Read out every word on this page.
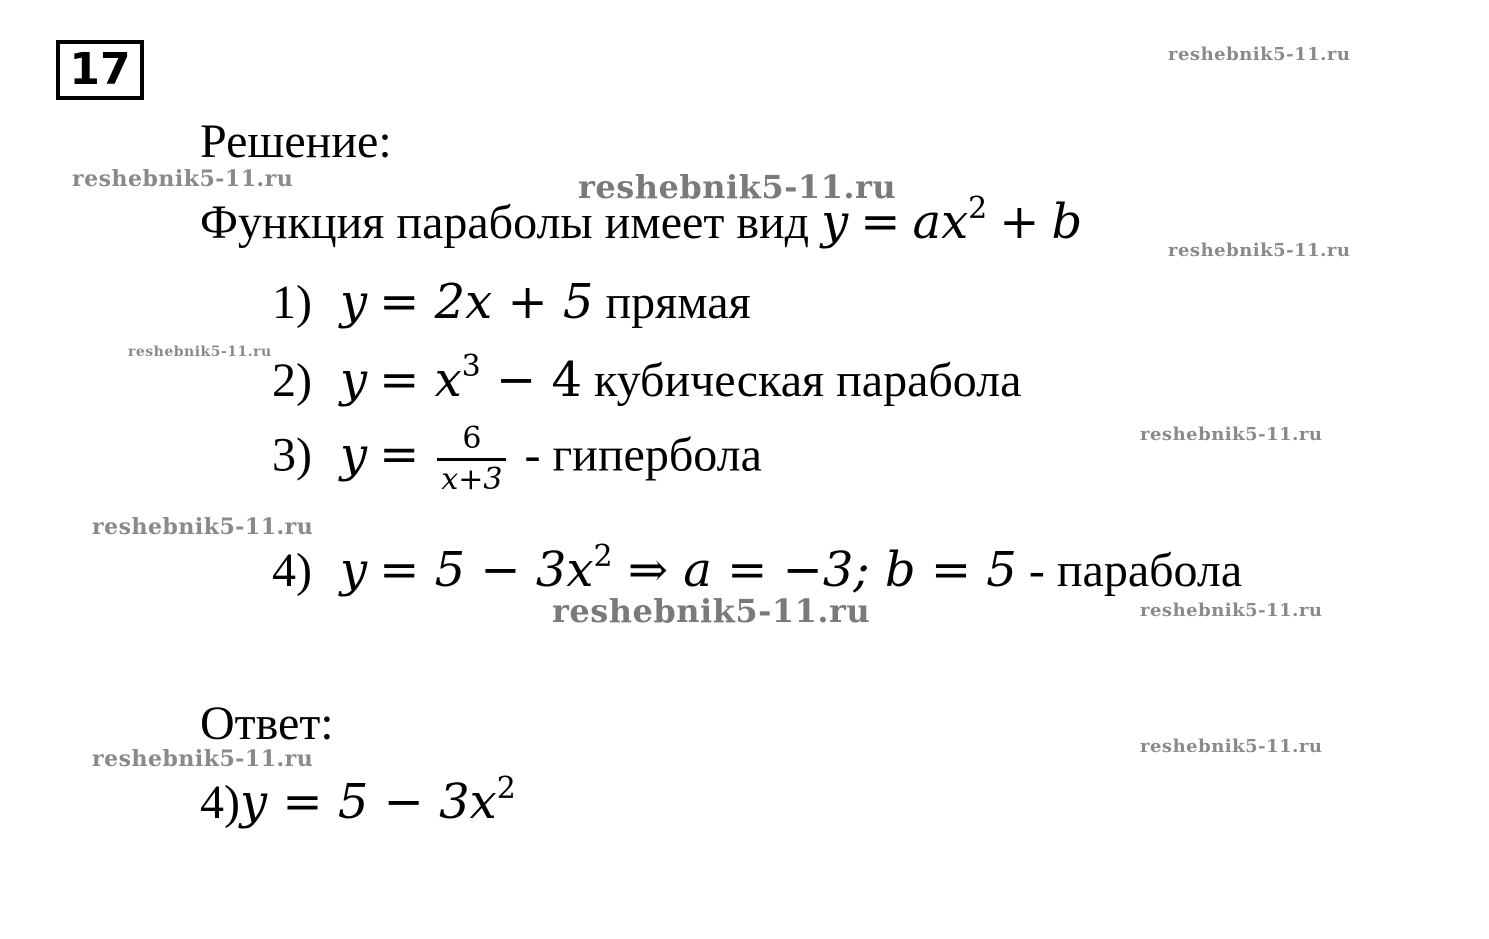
17
Решение:
Функция параболы имеет вид $y = ax^2 + b$
1) y = 2x + 5 прямая
2) $y = x^3 - 4$ кубическая парабола
3) $y = \frac{6}{x+3}$ - гипербола
4) $y = 5 - 3x^2$ ⇒ a = −3; b = 5 - парабола
Ответ:
$4)y = 5 - 3x^2$
reshebnik5-11.ru
reshebnik5-11.ru	reshebnik5-11.ru
reshebnik5-11.ru
reshebnik5-11.ru
reshebnik5-11.ru
reshebnik5-11.ru
reshebnik5-11.ru	reshebnik5-11.ru
reshebnik5-11.ru
reshebnik5-11.ru
